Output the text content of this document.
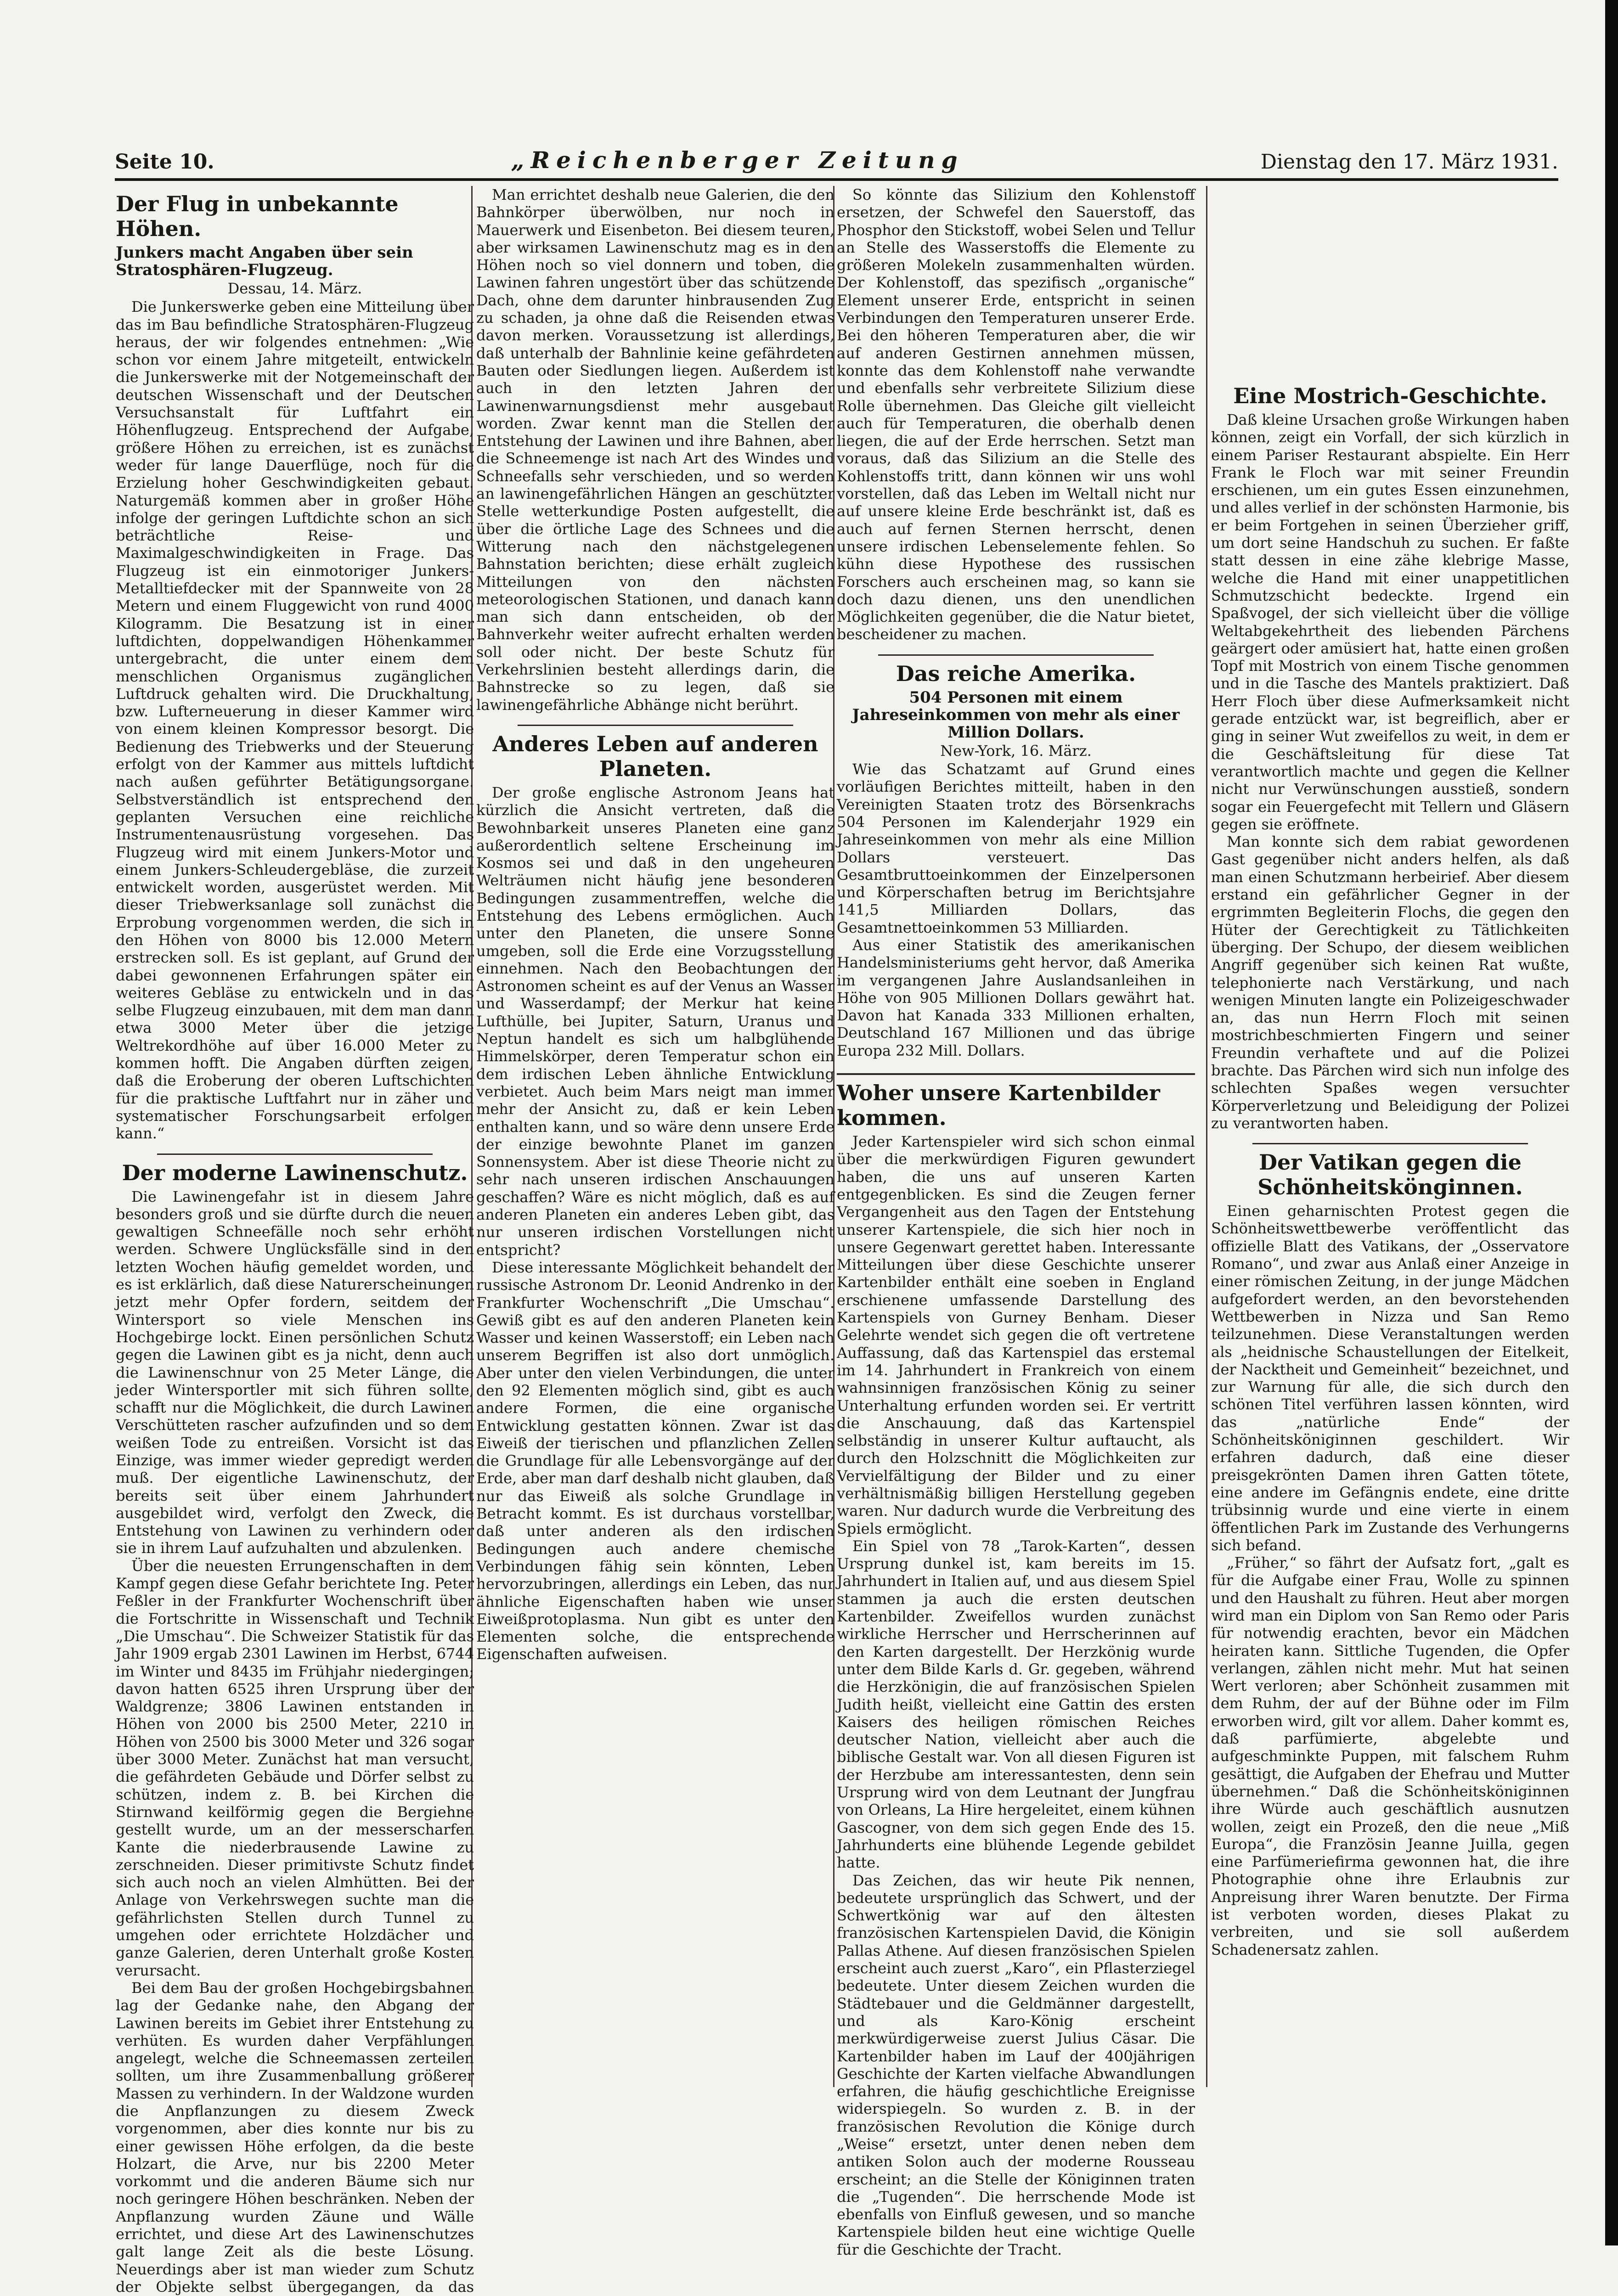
Seite 10.	„Reichenberger Zeitung	Dienstag den 17. März 1931.
Der Flug in unbekannte Höhen.
Junkers macht Angaben über sein Stratosphären-Flugzeug.
Dessau, 14. März.

Die Junkerswerke geben eine Mitteilung über das im Bau befindliche Stratosphären-Flugzeug heraus, der wir folgendes entnehmen: „Wie schon vor einem Jahre mitgeteilt, entwickeln die Junkerswerke mit der Notgemeinschaft der deutschen Wissenschaft und der Deutschen Versuchsanstalt für Luftfahrt ein Höhenflugzeug. Entsprechend der Aufgabe, größere Höhen zu erreichen, ist es zunächst weder für lange Dauerflüge, noch für die Erzielung hoher Geschwindigkeiten gebaut. Naturgemäß kommen aber in großer Höhe infolge der geringen Luftdichte schon an sich beträchtliche Reise- und Maximalgeschwindigkeiten in Frage. Das Flugzeug ist ein einmotoriger Junkers-Metalltiefdecker mit der Spannweite von 28 Metern und einem Fluggewicht von rund 4000 Kilogramm. Die Besatzung ist in einer luftdichten, doppelwandigen Höhenkammer untergebracht, die unter einem dem menschlichen Organismus zugänglichen Luftdruck gehalten wird. Die Druckhaltung, bzw. Lufterneuerung in dieser Kammer wird von einem kleinen Kompressor besorgt. Die Bedienung des Triebwerks und der Steuerung erfolgt von der Kammer aus mittels luftdicht nach außen geführter Betätigungsorgane. Selbstverständlich ist entsprechend den geplanten Versuchen eine reichliche Instrumentenausrüstung vorgesehen. Das Flugzeug wird mit einem Junkers-Motor und einem Junkers-Schleudergebläse, die zurzeit entwickelt worden, ausgerüstet werden. Mit dieser Triebwerksanlage soll zunächst die Erprobung vorgenommen werden, die sich in den Höhen von 8000 bis 12.000 Metern erstrecken soll. Es ist geplant, auf Grund der dabei gewonnenen Erfahrungen später ein weiteres Gebläse zu entwickeln und in das selbe Flugzeug einzubauen, mit dem man dann etwa 3000 Meter über die jetzige Weltrekordhöhe auf über 16.000 Meter zu kommen hofft. Die Angaben dürften zeigen, daß die Eroberung der oberen Luftschichten für die praktische Luftfahrt nur in zäher und systematischer Forschungsarbeit erfolgen kann.“

Der moderne Lawinenschutz.

Die Lawinengefahr ist in diesem Jahre besonders groß und sie dürfte durch die neuen gewaltigen Schneefälle noch sehr erhöht werden. Schwere Unglücksfälle sind in den letzten Wochen häufig gemeldet worden, und es ist erklärlich, daß diese Naturerscheinungen jetzt mehr Opfer fordern, seitdem der Wintersport so viele Menschen ins Hochgebirge lockt. Einen persönlichen Schutz gegen die Lawinen gibt es ja nicht, denn auch die Lawinenschnur von 25 Meter Länge, die jeder Wintersportler mit sich führen sollte, schafft nur die Möglichkeit, die durch Lawinen Verschütteten rascher aufzufinden und so dem weißen Tode zu entreißen. Vorsicht ist das Einzige, was immer wieder gepredigt werden muß. Der eigentliche Lawinenschutz, der bereits seit über einem Jahrhundert ausgebildet wird, verfolgt den Zweck, die Entstehung von Lawinen zu verhindern oder sie in ihrem Lauf aufzuhalten und abzulenken.

Über die neuesten Errungenschaften in dem Kampf gegen diese Gefahr berichtete Ing. Peter Feßler in der Frankfurter Wochenschrift über die Fortschritte in Wissenschaft und Technik „Die Umschau“. Die Schweizer Statistik für das Jahr 1909 ergab 2301 Lawinen im Herbst, 6744 im Winter und 8435 im Frühjahr niedergingen; davon hatten 6525 ihren Ursprung über der Waldgrenze; 3806 Lawinen entstanden in Höhen von 2000 bis 2500 Meter, 2210 in Höhen von 2500 bis 3000 Meter und 326 sogar über 3000 Meter. Zunächst hat man versucht, die gefährdeten Gebäude und Dörfer selbst zu schützen, indem z. B. bei Kirchen die Stirnwand keilförmig gegen die Bergiehne gestellt wurde, um an der messerscharfen Kante die niederbrausende Lawine zu zerschneiden. Dieser primitivste Schutz findet sich auch noch an vielen Almhütten. Bei der Anlage von Verkehrswegen suchte man die gefährlichsten Stellen durch Tunnel zu umgehen oder errichtete Holzdächer und ganze Galerien, deren Unterhalt große Kosten verursacht.

Bei dem Bau der großen Hochgebirgsbahnen lag der Gedanke nahe, den Abgang der Lawinen bereits im Gebiet ihrer Entstehung zu verhüten. Es wurden daher Verpfählungen angelegt, welche die Schneemassen zerteilen sollten, um ihre Zusammenballung größerer Massen zu verhindern. In der Waldzone wurden die Anpflanzungen zu diesem Zweck vorgenommen, aber dies konnte nur bis zu einer gewissen Höhe erfolgen, da die beste Holzart, die Arve, nur bis 2200 Meter vorkommt und die anderen Bäume sich nur noch geringere Höhen beschränken. Neben der Anpflanzung wurden Zäune und Wälle errichtet, und diese Art des Lawinenschutzes galt lange Zeit als die beste Lösung. Neuerdings aber ist man wieder zum Schutz der Objekte selbst übergegangen, da das

Man errichtet deshalb neue Galerien, die den Bahnkörper überwölben, nur noch in Mauerwerk und Eisenbeton. Bei diesem teuren, aber wirksamen Lawinenschutz mag es in den Höhen noch so viel donnern und toben, die Lawinen fahren ungestört über das schützende Dach, ohne dem darunter hinbrausenden Zug zu schaden, ja ohne daß die Reisenden etwas davon merken. Voraussetzung ist allerdings, daß unterhalb der Bahnlinie keine gefährdeten Bauten oder Siedlungen liegen. Außerdem ist auch in den letzten Jahren der Lawinenwarnungsdienst mehr ausgebaut worden. Zwar kennt man die Stellen der Entstehung der Lawinen und ihre Bahnen, aber die Schneemenge ist nach Art des Windes und Schneefalls sehr verschieden, und so werden an lawinengefährlichen Hängen an geschützter Stelle wetterkundige Posten aufgestellt, die über die örtliche Lage des Schnees und die Witterung nach den nächstgelegenen Bahnstation berichten; diese erhält zugleich Mitteilungen von den nächsten meteorologischen Stationen, und danach kann man sich dann entscheiden, ob der Bahnverkehr weiter aufrecht erhalten werden soll oder nicht. Der beste Schutz für Verkehrslinien besteht allerdings darin, die Bahnstrecke so zu legen, daß sie lawinengefährliche Abhänge nicht berührt.

Anderes Leben auf anderen Planeten.

Der große englische Astronom Jeans hat kürzlich die Ansicht vertreten, daß die Bewohnbarkeit unseres Planeten eine ganz außerordentlich seltene Erscheinung im Kosmos sei und daß in den ungeheuren Welträumen nicht häufig jene besonderen Bedingungen zusammentreffen, welche die Entstehung des Lebens ermöglichen. Auch unter den Planeten, die unsere Sonne umgeben, soll die Erde eine Vorzugsstellung einnehmen. Nach den Beobachtungen der Astronomen scheint es auf der Venus an Wasser und Wasserdampf; der Merkur hat keine Lufthülle, bei Jupiter, Saturn, Uranus und Neptun handelt es sich um halbglühende Himmelskörper, deren Temperatur schon ein dem irdischen Leben ähnliche Entwicklung verbietet. Auch beim Mars neigt man immer mehr der Ansicht zu, daß er kein Leben enthalten kann, und so wäre denn unsere Erde der einzige bewohnte Planet im ganzen Sonnensystem. Aber ist diese Theorie nicht zu sehr nach unseren irdischen Anschauungen geschaffen? Wäre es nicht möglich, daß es auf anderen Planeten ein anderes Leben gibt, das nur unseren irdischen Vorstellungen nicht entspricht?

Diese interessante Möglichkeit behandelt der russische Astronom Dr. Leonid Andrenko in der Frankfurter Wochenschrift „Die Umschau“. Gewiß gibt es auf den anderen Planeten kein Wasser und keinen Wasserstoff; ein Leben nach unserem Begriffen ist also dort unmöglich. Aber unter den vielen Verbindungen, die unter den 92 Elementen möglich sind, gibt es auch andere Formen, die eine organische Entwicklung gestatten können. Zwar ist das Eiweiß der tierischen und pflanzlichen Zellen die Grundlage für alle Lebensvorgänge auf der Erde, aber man darf deshalb nicht glauben, daß nur das Eiweiß als solche Grundlage in Betracht kommt. Es ist durchaus vorstellbar, daß unter anderen als den irdischen Bedingungen auch andere chemische Verbindungen fähig sein könnten, Leben hervorzubringen, allerdings ein Leben, das nur ähnliche Eigenschaften haben wie unser Eiweißprotoplasma. Nun gibt es unter den Elementen solche, die entsprechende Eigenschaften aufweisen.

So könnte das Silizium den Kohlenstoff ersetzen, der Schwefel den Sauerstoff, das Phosphor den Stickstoff, wobei Selen und Tellur an Stelle des Wasserstoffs die Elemente zu größeren Molekeln zusammenhalten würden. Der Kohlenstoff, das spezifisch „organische“ Element unserer Erde, entspricht in seinen Verbindungen den Temperaturen unserer Erde. Bei den höheren Temperaturen aber, die wir auf anderen Gestirnen annehmen müssen, konnte das dem Kohlenstoff nahe verwandte und ebenfalls sehr verbreitete Silizium diese Rolle übernehmen. Das Gleiche gilt vielleicht auch für Temperaturen, die oberhalb denen liegen, die auf der Erde herrschen. Setzt man voraus, daß das Silizium an die Stelle des Kohlenstoffs tritt, dann können wir uns wohl vorstellen, daß das Leben im Weltall nicht nur auf unsere kleine Erde beschränkt ist, daß es auch auf fernen Sternen herrscht, denen unsere irdischen Lebenselemente fehlen. So kühn diese Hypothese des russischen Forschers auch erscheinen mag, so kann sie doch dazu dienen, uns den unendlichen Möglichkeiten gegenüber, die die Natur bietet, bescheidener zu machen.

Das reiche Amerika.
504 Personen mit einem Jahreseinkommen von mehr als einer Million Dollars.
New-York, 16. März.

Wie das Schatzamt auf Grund eines vorläufigen Berichtes mitteilt, haben in den Vereinigten Staaten trotz des Börsenkrachs 504 Personen im Kalenderjahr 1929 ein Jahreseinkommen von mehr als eine Million Dollars versteuert. Das Gesamtbruttoeinkommen der Einzelpersonen und Körperschaften betrug im Berichtsjahre 141,5 Milliarden Dollars, das Gesamtnettoeinkommen 53 Milliarden.

Aus einer Statistik des amerikanischen Handelsministeriums geht hervor, daß Amerika im vergangenen Jahre Auslandsanleihen in Höhe von 905 Millionen Dollars gewährt hat. Davon hat Kanada 333 Millionen erhalten, Deutschland 167 Millionen und das übrige Europa 232 Mill. Dollars.

Woher unsere Kartenbilder kommen.

Jeder Kartenspieler wird sich schon einmal über die merkwürdigen Figuren gewundert haben, die uns auf unseren Karten entgegenblicken. Es sind die Zeugen ferner Vergangenheit aus den Tagen der Entstehung unserer Kartenspiele, die sich hier noch in unsere Gegenwart gerettet haben. Interessante Mitteilungen über diese Geschichte unserer Kartenbilder enthält eine soeben in England erschienene umfassende Darstellung des Kartenspiels von Gurney Benham. Dieser Gelehrte wendet sich gegen die oft vertretene Auffassung, daß das Kartenspiel das erstemal im 14. Jahrhundert in Frankreich von einem wahnsinnigen französischen König zu seiner Unterhaltung erfunden worden sei. Er vertritt die Anschauung, daß das Kartenspiel selbständig in unserer Kultur auftaucht, als durch den Holzschnitt die Möglichkeiten zur Vervielfältigung der Bilder und zu einer verhältnismäßig billigen Herstellung gegeben waren. Nur dadurch wurde die Verbreitung des Spiels ermöglicht.

Ein Spiel von 78 „Tarok-Karten“, dessen Ursprung dunkel ist, kam bereits im 15. Jahrhundert in Italien auf, und aus diesem Spiel stammen ja auch die ersten deutschen Kartenbilder. Zweifellos wurden zunächst wirkliche Herrscher und Herrscherinnen auf den Karten dargestellt. Der Herzkönig wurde unter dem Bilde Karls d. Gr. gegeben, während die Herzkönigin, die auf französischen Spielen Judith heißt, vielleicht eine Gattin des ersten Kaisers des heiligen römischen Reiches deutscher Nation, vielleicht aber auch die biblische Gestalt war. Von all diesen Figuren ist der Herzbube am interessantesten, denn sein Ursprung wird von dem Leutnant der Jungfrau von Orleans, La Hire hergeleitet, einem kühnen Gascogner, von dem sich gegen Ende des 15. Jahrhunderts eine blühende Legende gebildet hatte.

Das Zeichen, das wir heute Pik nennen, bedeutete ursprünglich das Schwert, und der Schwertkönig war auf den ältesten französischen Kartenspielen David, die Königin Pallas Athene. Auf diesen französischen Spielen erscheint auch zuerst „Karo“, ein Pflasterziegel bedeutete. Unter diesem Zeichen wurden die Städtebauer und die Geldmänner dargestellt, und als Karo-König erscheint merkwürdigerweise zuerst Julius Cäsar. Die Kartenbilder haben im Lauf der 400jährigen Geschichte der Karten vielfache Abwandlungen erfahren, die häufig geschichtliche Ereignisse widerspiegeln. So wurden z. B. in der französischen Revolution die Könige durch „Weise“ ersetzt, unter denen neben dem antiken Solon auch der moderne Rousseau erscheint; an die Stelle der Königinnen traten die „Tugenden“. Die herrschende Mode ist ebenfalls von Einfluß gewesen, und so manche Kartenspiele bilden heut eine wichtige Quelle für die Geschichte der Tracht.

Eine Mostrich-Geschichte.

Daß kleine Ursachen große Wirkungen haben können, zeigt ein Vorfall, der sich kürzlich in einem Pariser Restaurant abspielte. Ein Herr Frank le Floch war mit seiner Freundin erschienen, um ein gutes Essen einzunehmen, und alles verlief in der schönsten Harmonie, bis er beim Fortgehen in seinen Überzieher griff, um dort seine Handschuh zu suchen. Er faßte statt dessen in eine zähe klebrige Masse, welche die Hand mit einer unappetitlichen Schmutzschicht bedeckte. Irgend ein Spaßvogel, der sich vielleicht über die völlige Weltabgekehrtheit des liebenden Pärchens geärgert oder amüsiert hat, hatte einen großen Topf mit Mostrich von einem Tische genommen und in die Tasche des Mantels praktiziert. Daß Herr Floch über diese Aufmerksamkeit nicht gerade entzückt war, ist begreiflich, aber er ging in seiner Wut zweifellos zu weit, in dem er die Geschäftsleitung für diese Tat verantwortlich machte und gegen die Kellner nicht nur Verwünschungen ausstieß, sondern sogar ein Feuergefecht mit Tellern und Gläsern gegen sie eröffnete.

Man konnte sich dem rabiat gewordenen Gast gegenüber nicht anders helfen, als daß man einen Schutzmann herbeirief. Aber diesem erstand ein gefährlicher Gegner in der ergrimmten Begleiterin Flochs, die gegen den Hüter der Gerechtigkeit zu Tätlichkeiten überging. Der Schupo, der diesem weiblichen Angriff gegenüber sich keinen Rat wußte, telephonierte nach Verstärkung, und nach wenigen Minuten langte ein Polizeigeschwader an, das nun Herrn Floch mit seinen mostrichbeschmierten Fingern und seiner Freundin verhaftete und auf die Polizei brachte. Das Pärchen wird sich nun infolge des schlechten Spaßes wegen versuchter Körperverletzung und Beleidigung der Polizei zu verantworten haben.

Der Vatikan gegen die Schönheitskönginnen.

Einen geharnischten Protest gegen die Schönheitswettbewerbe veröffentlicht das offizielle Blatt des Vatikans, der „Osservatore Romano“, und zwar aus Anlaß einer Anzeige in einer römischen Zeitung, in der junge Mädchen aufgefordert werden, an den bevorstehenden Wettbewerben in Nizza und San Remo teilzunehmen. Diese Veranstaltungen werden als „heidnische Schaustellungen der Eitelkeit, der Nacktheit und Gemeinheit“ bezeichnet, und zur Warnung für alle, die sich durch den schönen Titel verführen lassen könnten, wird das „natürliche Ende“ der Schönheitsköniginnen geschildert. Wir erfahren dadurch, daß eine dieser preisgekrönten Damen ihren Gatten tötete, eine andere im Gefängnis endete, eine dritte trübsinnig wurde und eine vierte in einem öffentlichen Park im Zustande des Verhungerns sich befand.

„Früher,“ so fährt der Aufsatz fort, „galt es für die Aufgabe einer Frau, Wolle zu spinnen und den Haushalt zu führen. Heut aber morgen wird man ein Diplom von San Remo oder Paris für notwendig erachten, bevor ein Mädchen heiraten kann. Sittliche Tugenden, die Opfer verlangen, zählen nicht mehr. Mut hat seinen Wert verloren; aber Schönheit zusammen mit dem Ruhm, der auf der Bühne oder im Film erworben wird, gilt vor allem. Daher kommt es, daß parfümierte, abgelebte und aufgeschminkte Puppen, mit falschem Ruhm gesättigt, die Aufgaben der Ehefrau und Mutter übernehmen.“ Daß die Schönheitsköniginnen ihre Würde auch geschäftlich ausnutzen wollen, zeigt ein Prozeß, den die neue „Miß Europa“, die Französin Jeanne Juilla, gegen eine Parfümeriefirma gewonnen hat, die ihre Photographie ohne ihre Erlaubnis zur Anpreisung ihrer Waren benutzte. Der Firma ist verboten worden, dieses Plakat zu verbreiten, und sie soll außerdem Schadenersatz zahlen.
